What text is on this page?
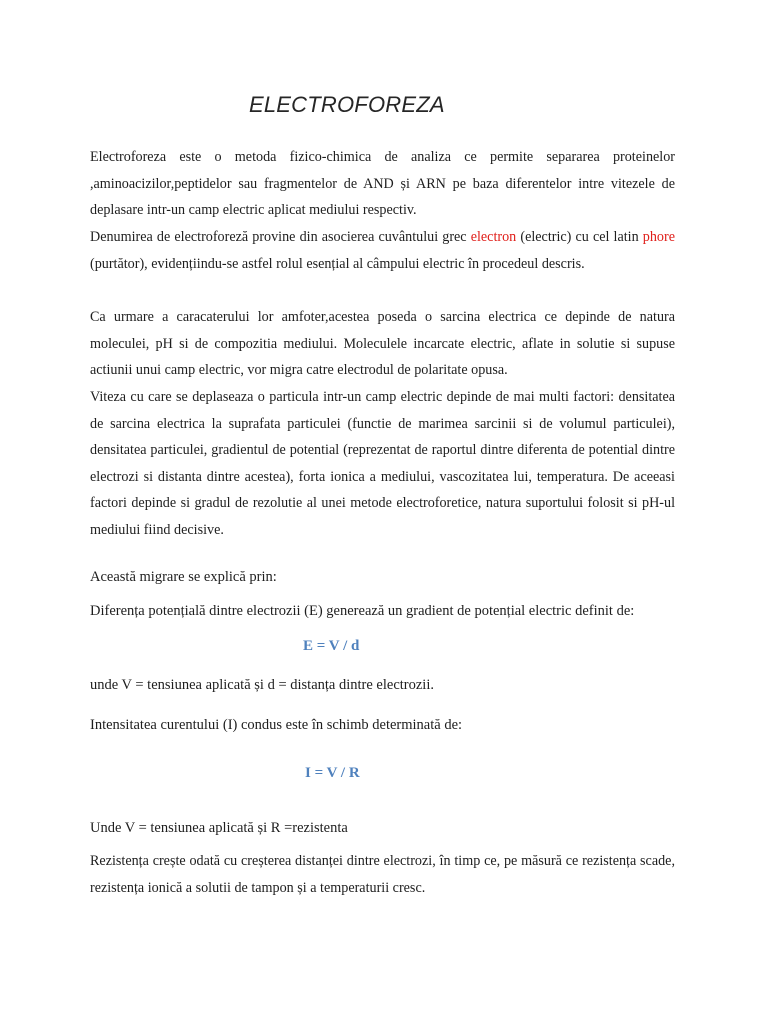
ELECTROFOREZA

Electroforeza este o metoda fizico-chimica de analiza ce permite separarea proteinelor ,aminoacizilor,peptidelor sau fragmentelor de AND și ARN pe baza diferentelor intre vitezele de deplasare intr-un camp electric aplicat mediului respectiv.

Denumirea de electroforeză provine din asocierea cuvântului grec electron (electric) cu cel latin phore (purtător), evidențiindu-se astfel rolul esențial al câmpului electric în procedeul descris.

Ca urmare a caracaterului lor amfoter,acestea poseda o sarcina electrica ce depinde de natura moleculei, pH si de compozitia mediului. Moleculele incarcate electric, aflate in solutie si supuse actiunii unui camp electric, vor migra catre electrodul de polaritate opusa.

Viteza cu care se deplaseaza o particula intr-un camp electric depinde de mai multi factori: densitatea de sarcina electrica la suprafata particulei (functie de marimea sarcinii si de volumul particulei), densitatea particulei, gradientul de potential (reprezentat de raportul dintre diferenta de potential dintre electrozi si distanta dintre acestea), forta ionica a mediului, vascozitatea lui, temperatura. De aceeasi factori depinde si gradul de rezolutie al unei metode electroforetice, natura suportului folosit si pH-ul mediului fiind decisive.

Această migrare se explică prin:

Diferența potențială dintre electrozii (E) generează un gradient de potențial electric definit de:

E = V / d

unde V = tensiunea aplicată și d = distanța dintre electrozii.

Intensitatea curentului (I) condus este în schimb determinată de:

I = V / R

Unde V = tensiunea aplicată și R =rezistenta

Rezistența crește odată cu creșterea distanței dintre electrozi, în timp ce, pe măsură ce rezistența scade, rezistența ionică a solutii de tampon și a temperaturii cresc.
